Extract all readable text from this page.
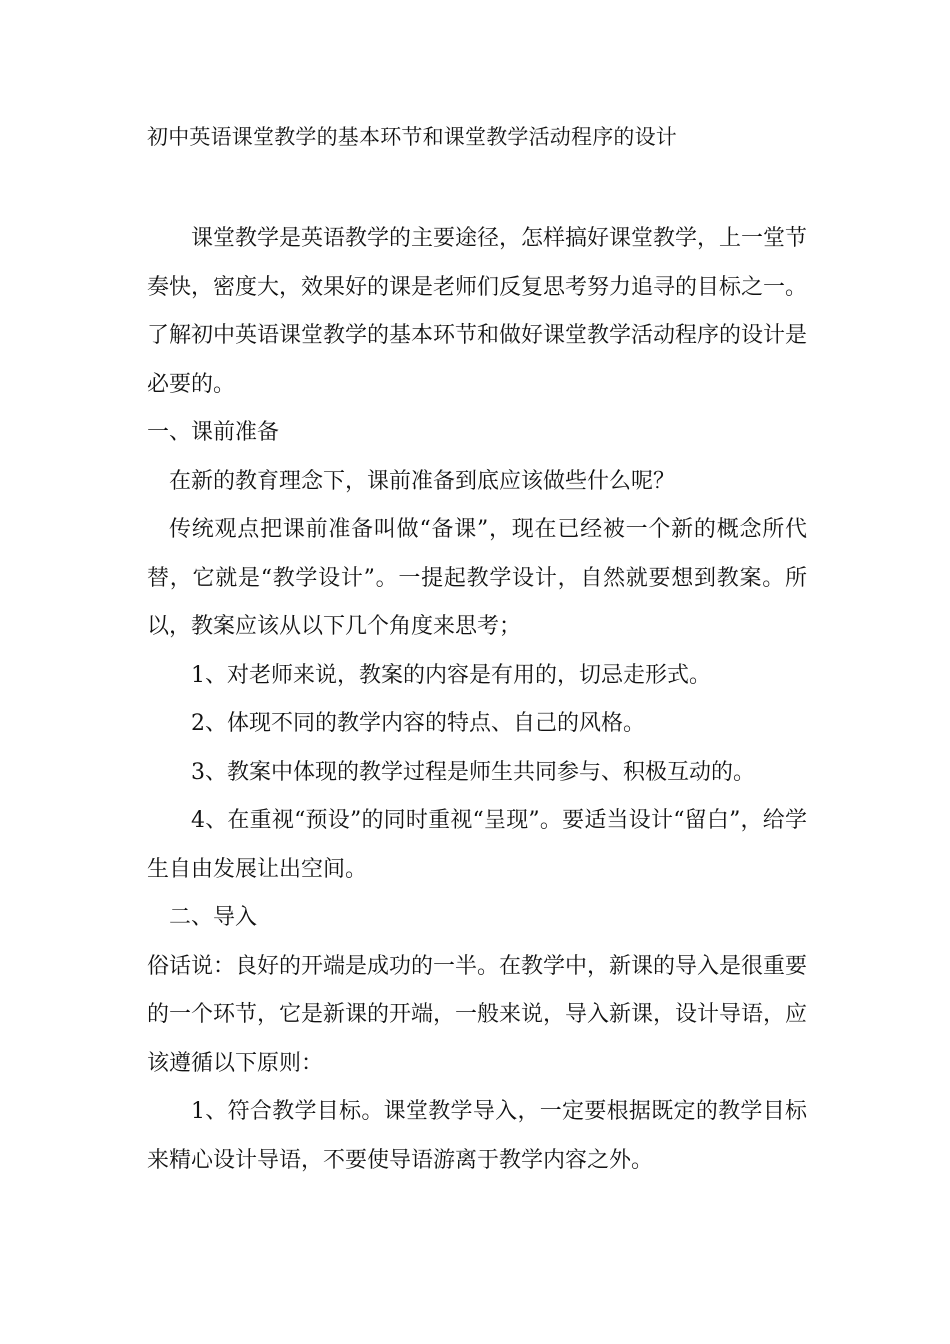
初中英语课堂教学的基本环节和课堂教学活动程序的设计

课堂教学是英语教学的主要途径，怎样搞好课堂教学，上一堂节奏快，密度大，效果好的课是老师们反复思考努力追寻的目标之一。了解初中英语课堂教学的基本环节和做好课堂教学活动程序的设计是必要的。

一、课前准备

在新的教育理念下，课前准备到底应该做些什么呢？

传统观点把课前准备叫做“备课”，现在已经被一个新的概念所代替，它就是“教学设计”。一提起教学设计，自然就要想到教案。所以，教案应该从以下几个角度来思考；

1、对老师来说，教案的内容是有用的，切忌走形式。

2、体现不同的教学内容的特点、自己的风格。

3、教案中体现的教学过程是师生共同参与、积极互动的。

4、在重视“预设”的同时重视“呈现”。要适当设计“留白”，给学生自由发展让出空间。

二、导入

俗话说：良好的开端是成功的一半。在教学中，新课的导入是很重要的一个环节，它是新课的开端，一般来说，导入新课，设计导语，应该遵循以下原则：

1、符合教学目标。课堂教学导入，一定要根据既定的教学目标来精心设计导语，不要使导语游离于教学内容之外。
